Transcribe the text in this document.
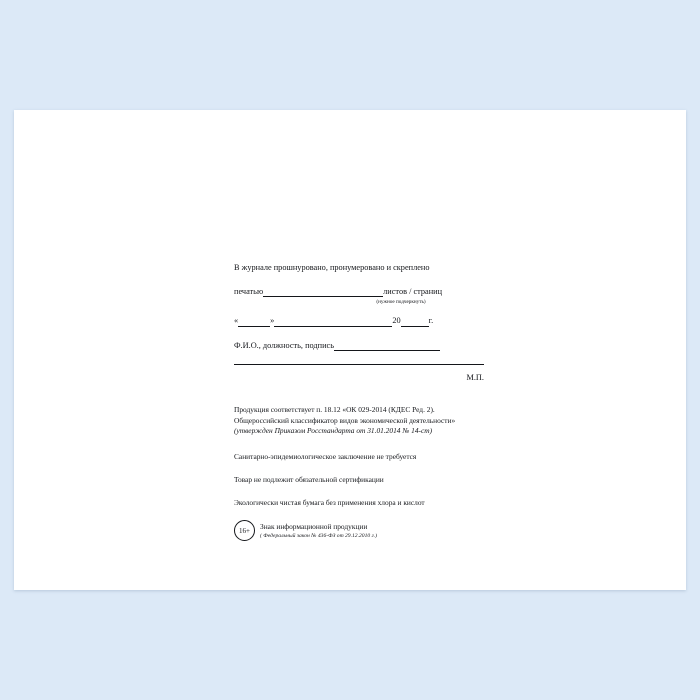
В журнале прошнуровано, пронумеровано и скреплено
печатью	листов / страниц
(нужное подчеркнуть)
«	»	20	г.
Ф.И.О., должность, подпись
М.П.
Продукция соответствует п. 18.12 «ОК 029-2014 (КДЕС Ред. 2).
Общероссийский классификатор видов экономической деятельности»
(утвержден Приказом Росстандарта от 31.01.2014 № 14-ст)
Санитарно-эпидемиологическое заключение не требуется
Товар не подлежит обязательной сертификации
Экологически чистая бумага без применения хлора и кислот
16+	Знак информационной продукции
( Федеральный закон № 436-ФЗ от 29.12.2010 г.)
